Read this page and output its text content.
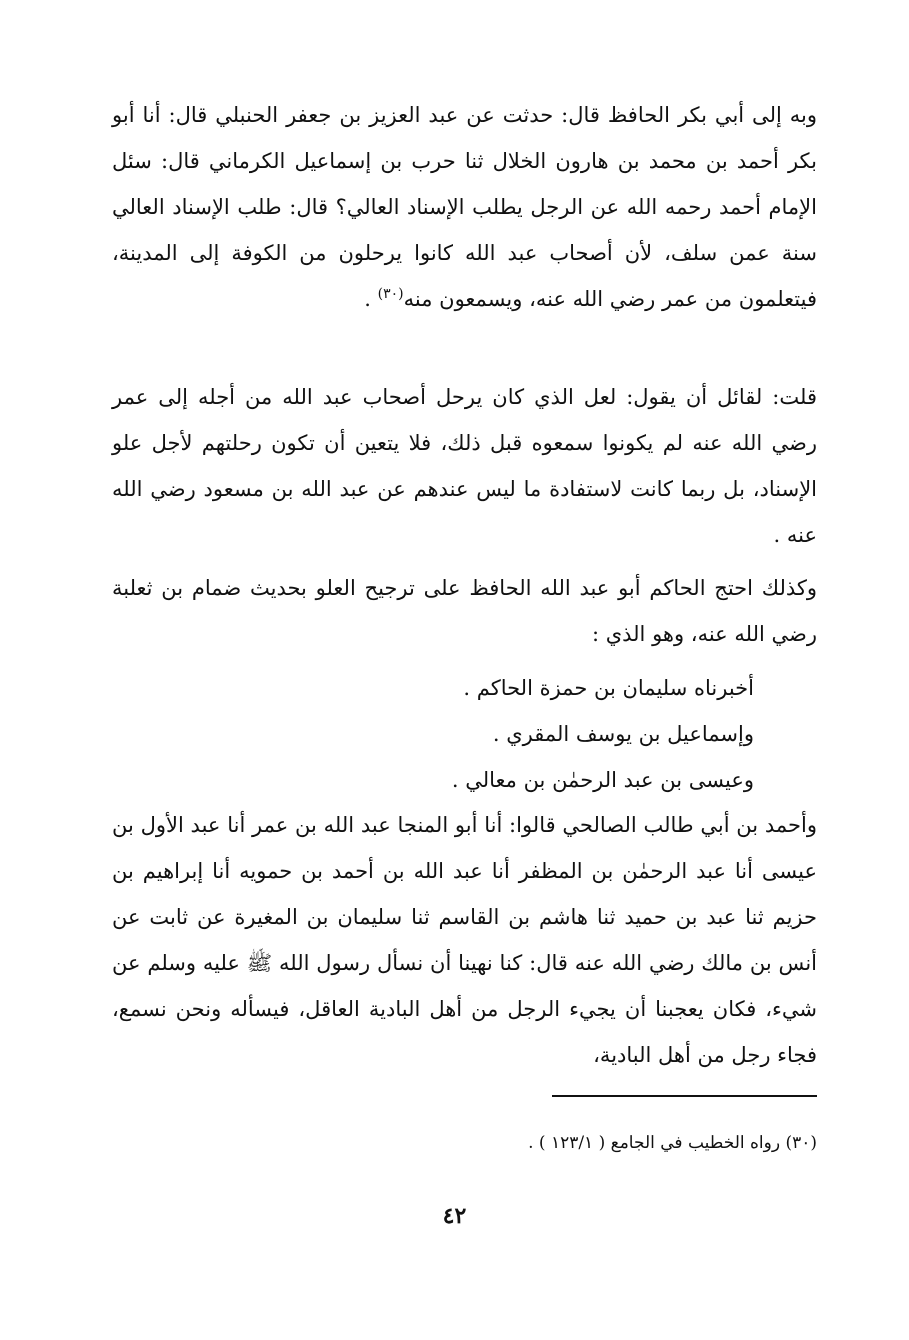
وبه إلى أبي بكر الحافظ قال: حدثت عن عبد العزيز بن جعفر الحنبلي قال: أنا أبو بكر أحمد بن محمد بن هارون الخلال ثنا حرب بن إسماعيل الكرماني قال: سئل الإمام أحمد رحمه الله عن الرجل يطلب الإسناد العالي؟ قال: طلب الإسناد العالي سنة عمن سلف، لأن أصحاب عبد الله كانوا يرحلون من الكوفة إلى المدينة، فيتعلمون من عمر رضي الله عنه، ويسمعون منه$^{(٣٠)}$ .

قلت: لقائل أن يقول: لعل الذي كان يرحل أصحاب عبد الله من أجله إلى عمر رضي الله عنه لم يكونوا سمعوه قبل ذلك، فلا يتعين أن تكون رحلتهم لأجل علو الإسناد، بل ربما كانت لاستفادة ما ليس عندهم عن عبد الله بن مسعود رضي الله عنه .

وكذلك احتج الحاكم أبو عبد الله الحافظ على ترجيح العلو بحديث ضمام بن ثعلبة رضي الله عنه، وهو الذي :

أخبرناه سليمان بن حمزة الحاكم .
وإسماعيل بن يوسف المقري .
وعيسى بن عبد الرحمٰن بن معالي .

وأحمد بن أبي طالب الصالحي قالوا: أنا أبو المنجا عبد الله بن عمر أنا عبد الأول بن عيسى أنا عبد الرحمٰن بن المظفر أنا عبد الله بن أحمد بن حمويه أنا إبراهيم بن حزيم ثنا عبد بن حميد ثنا هاشم بن القاسم ثنا سليمان بن المغيرة عن ثابت عن أنس بن مالك رضي الله عنه قال: كنا نهينا أن نسأل رسول الله ﷺ عليه وسلم عن شيء، فكان يعجبنا أن يجيء الرجل من أهل البادية العاقل، فيسأله ونحن نسمع، فجاء رجل من أهل البادية،

(٣٠) رواه الخطيب في الجامع ( ١٢٣/١ ) .
٤٢
